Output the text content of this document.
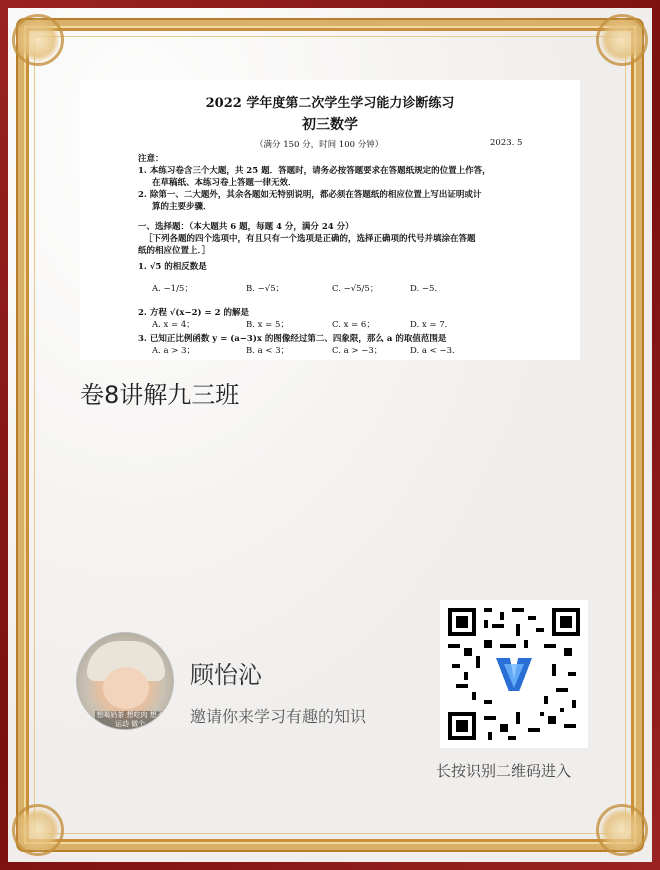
2022 学年度第二次学生学习能力诊断练习
初三数学
（满分 150 分，时间 100 分钟）	2023. 5
注意：
1. 本练习卷含三个大题，共 25 题．答题时，请务必按答题要求在答题纸规定的位置上作答，
在草稿纸、本练习卷上答题一律无效．
2. 除第一、二大题外，其余各题如无特别说明，都必须在答题纸的相应位置上写出证明或计
算的主要步骤．
一、选择题：（本大题共 6 题，每题 4 分，满分 24 分）
［下列各题的四个选项中，有且只有一个选项是正确的，选择正确项的代号并填涂在答题
纸的相应位置上．］
1. √5 的相反数是
A. −1/5；	B. −√5；	C. −√5/5；	D. −5．
2. 方程 √(x−2) = 2 的解是
A. x = 4；	B. x = 5；	C. x = 6；	D. x = 7．
3. 已知正比例函数 y = (a−3)x 的图像经过第二、四象限，那么 a 的取值范围是
A. a > 3；	B. a < 3；	C. a > −3；	D. a < −3．
卷8讲解九三班
想喝奶茶 想吃肉 想不运动 做个
顾怡沁
邀请你来学习有趣的知识
长按识别二维码进入
